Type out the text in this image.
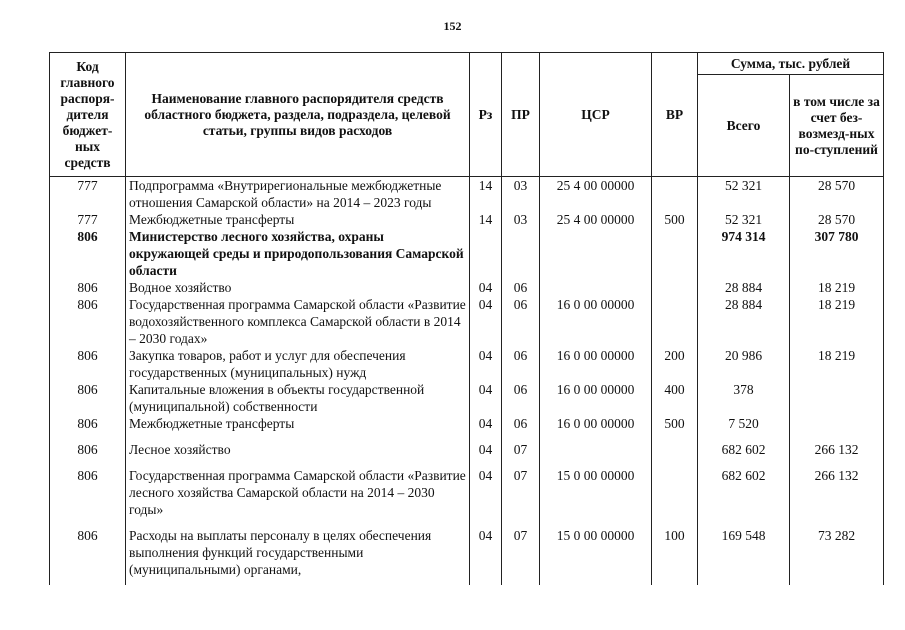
152
Код главного распоря-дителя бюджет-ных средств	Наименование главного распорядителя средств областного бюджета, раздела, подраздела, целевой статьи, группы видов расходов	Рз	ПР	ЦСР	ВР	Сумма, тыс. рублей	
						Всего	в том числе за счет без-возмезд-ных по-ступлений
777	Подпрограмма «Внутрирегиональные межбюджетные отношения Самарской области» на 2014 – 2023 годы	14	03	25 4 00 00000		52 321	28 570
777	Межбюджетные трансферты	14	03	25 4 00 00000	500	52 321	28 570
806	Министерство лесного хозяйства, охраны окружающей среды и природопользования Самарской области					974 314	307 780
806	Водное хозяйство	04	06			28 884	18 219
806	Государственная программа Самарской области «Развитие водохозяйственного комплекса Самарской области в 2014 – 2030 годах»	04	06	16 0 00 00000		28 884	18 219
806	Закупка товаров, работ и услуг для обеспечения государственных (муниципальных) нужд	04	06	16 0 00 00000	200	20 986	18 219
806	Капитальные вложения в объекты государственной (муниципальной) собственности	04	06	16 0 00 00000	400	378	
806	Межбюджетные трансферты	04	06	16 0 00 00000	500	7 520	
806	Лесное хозяйство	04	07			682 602	266 132
806	Государственная программа Самарской области «Развитие лесного хозяйства Самарской области на 2014 – 2030 годы»	04	07	15 0 00 00000		682 602	266 132
806	Расходы на выплаты персоналу в целях обеспечения выполнения функций государственными (муниципальными) органами,	04	07	15 0 00 00000	100	169 548	73 282
